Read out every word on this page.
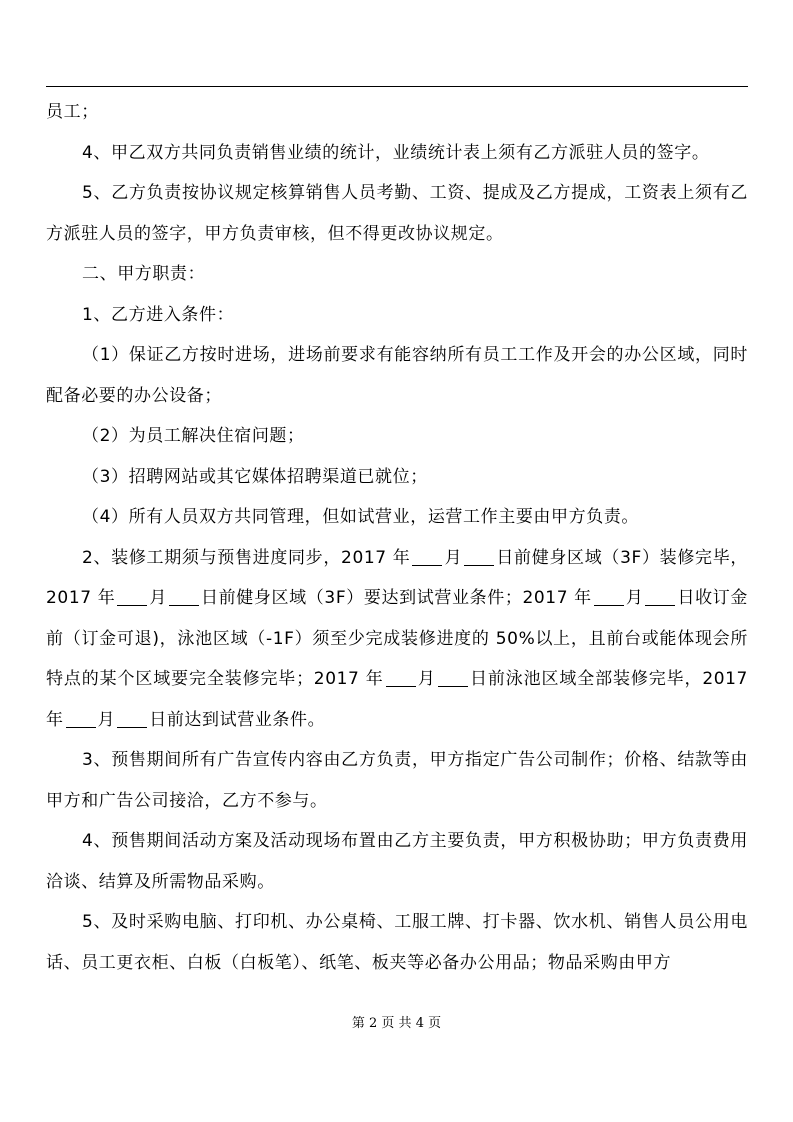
员工；

4、甲乙双方共同负责销售业绩的统计，业绩统计表上须有乙方派驻人员的签字。

5、乙方负责按协议规定核算销售人员考勤、工资、提成及乙方提成，工资表上须有乙方派驻人员的签字，甲方负责审核，但不得更改协议规定。

二、甲方职责：

1、乙方进入条件：

（1）保证乙方按时进场，进场前要求有能容纳所有员工工作及开会的办公区域，同时配备必要的办公设备；

（2）为员工解决住宿问题；

（3）招聘网站或其它媒体招聘渠道已就位；

（4）所有人员双方共同管理，但如试营业，运营工作主要由甲方负责。

2、装修工期须与预售进度同步，2017 年 月 日前健身区域（3F）装修完毕，2017 年 月 日前健身区域（3F）要达到试营业条件；2017 年 月 日收订金前（订金可退)，泳池区域（-1F）须至少完成装修进度的 50%以上，且前台或能体现会所特点的某个区域要完全装修完毕；2017 年 月 日前泳池区域全部装修完毕，2017 年 月 日前达到试营业条件。

3、预售期间所有广告宣传内容由乙方负责，甲方指定广告公司制作；价格、结款等由甲方和广告公司接洽，乙方不参与。

4、预售期间活动方案及活动现场布置由乙方主要负责，甲方积极协助；甲方负责费用洽谈、结算及所需物品采购。

5、及时采购电脑、打印机、办公桌椅、工服工牌、打卡器、饮水机、销售人员公用电话、员工更衣柜、白板（白板笔）、纸笔、板夹等必备办公用品；物品采购由甲方

第 2 页 共 4 页
